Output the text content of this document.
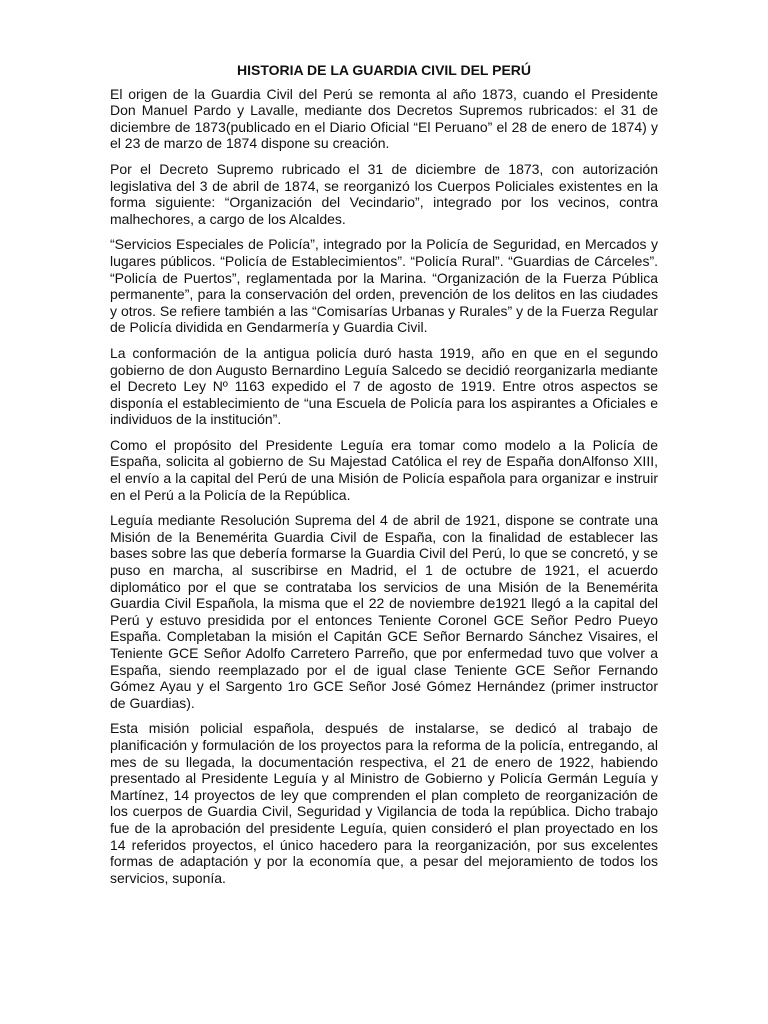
HISTORIA DE LA GUARDIA CIVIL DEL PERÚ

El origen de la Guardia Civil del Perú se remonta al año 1873, cuando el Presidente Don Manuel Pardo y Lavalle, mediante dos Decretos Supremos rubricados: el 31 de diciembre de 1873(publicado en el Diario Oficial “El Peruano” el 28 de enero de 1874) y el 23 de marzo de 1874 dispone su creación.

Por el Decreto Supremo rubricado el 31 de diciembre de 1873, con autorización legislativa del 3 de abril de 1874, se reorganizó los Cuerpos Policiales existentes en la forma siguiente: “Organización del Vecindario”, integrado por los vecinos, contra malhechores, a cargo de los Alcaldes.

“Servicios Especiales de Policía”, integrado por la Policía de Seguridad, en Mercados y lugares públicos. “Policía de Establecimientos”. “Policía Rural”. “Guardias de Cárceles”. “Policía de Puertos”, reglamentada por la Marina. “Organización de la Fuerza Pública permanente”, para la conservación del orden, prevención de los delitos en las ciudades y otros. Se refiere también a las “Comisarías Urbanas y Rurales” y de la Fuerza Regular de Policía dividida en Gendarmería y Guardia Civil.

La conformación de la antigua policía duró hasta 1919, año en que en el segundo gobierno de don Augusto Bernardino Leguía Salcedo se decidió reorganizarla mediante el Decreto Ley Nº 1163 expedido el 7 de agosto de 1919. Entre otros aspectos se disponía el establecimiento de “una Escuela de Policía para los aspirantes a Oficiales e individuos de la institución”.

Como el propósito del Presidente Leguía era tomar como modelo a la Policía de España, solicita al gobierno de Su Majestad Católica el rey de España donAlfonso XIII, el envío a la capital del Perú de una Misión de Policía española para organizar e instruir en el Perú a la Policía de la República.

Leguía mediante Resolución Suprema del 4 de abril de 1921, dispone se contrate una Misión de la Benemérita Guardia Civil de España, con la finalidad de establecer las bases sobre las que debería formarse la Guardia Civil del Perú, lo que se concretó, y se puso en marcha, al suscribirse en Madrid, el 1 de octubre de 1921, el acuerdo diplomático por el que se contrataba los servicios de una Misión de la Benemérita Guardia Civil Española, la misma que el 22 de noviembre de1921 llegó a la capital del Perú y estuvo presidida por el entonces Teniente Coronel GCE Señor Pedro Pueyo España. Completaban la misión el Capitán GCE Señor Bernardo Sánchez Visaires, el Teniente GCE Señor Adolfo Carretero Parreño, que por enfermedad tuvo que volver a España, siendo reemplazado por el de igual clase Teniente GCE Señor Fernando Gómez Ayau y el Sargento 1ro GCE Señor José Gómez Hernández (primer instructor de Guardias).

Esta misión policial española, después de instalarse, se dedicó al trabajo de planificación y formulación de los proyectos para la reforma de la policía, entregando, al mes de su llegada, la documentación respectiva, el 21 de enero de 1922, habiendo presentado al Presidente Leguía y al Ministro de Gobierno y Policía Germán Leguía y Martínez, 14 proyectos de ley que comprenden el plan completo de reorganización de los cuerpos de Guardia Civil, Seguridad y Vigilancia de toda la república. Dicho trabajo fue de la aprobación del presidente Leguía, quien consideró el plan proyectado en los 14 referidos proyectos, el único hacedero para la reorganización, por sus excelentes formas de adaptación y por la economía que, a pesar del mejoramiento de todos los servicios, suponía.
